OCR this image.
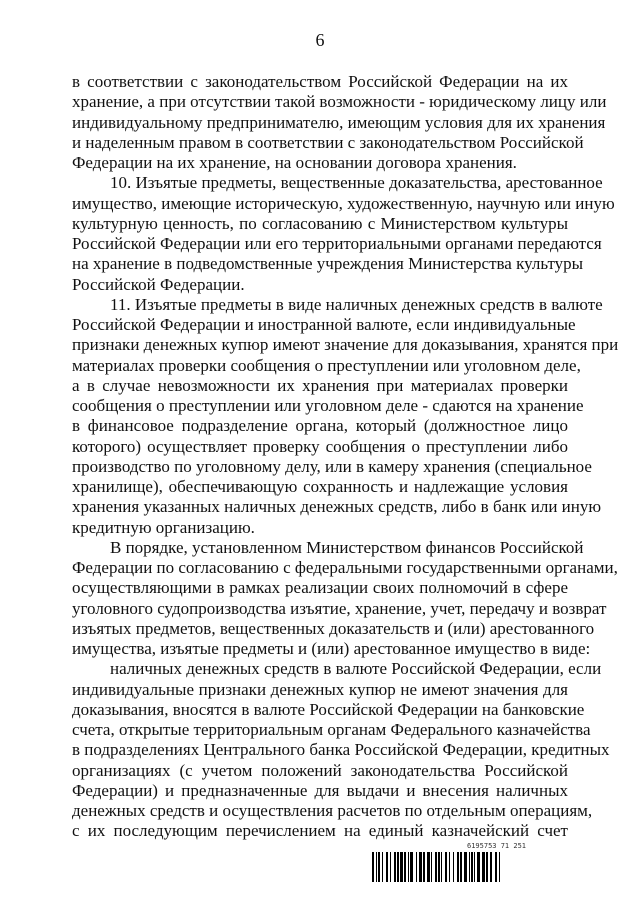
6
в соответствии с законодательством Российской Федерации на их
хранение, а при отсутствии такой возможности - юридическому лицу или
индивидуальному предпринимателю, имеющим условия для их хранения
и наделенным правом в соответствии с законодательством Российской
Федерации на их хранение, на основании договора хранения.
10. Изъятые предметы, вещественные доказательства, арестованное
имущество, имеющие историческую, художественную, научную или иную
культурную ценность, по согласованию с Министерством культуры
Российской Федерации или его территориальными органами передаются
на хранение в подведомственные учреждения Министерства культуры
Российской Федерации.
11. Изъятые предметы в виде наличных денежных средств в валюте
Российской Федерации и иностранной валюте, если индивидуальные
признаки денежных купюр имеют значение для доказывания, хранятся при
материалах проверки сообщения о преступлении или уголовном деле,
а в случае невозможности их хранения при материалах проверки
сообщения о преступлении или уголовном деле - сдаются на хранение
в финансовое подразделение органа, который (должностное лицо
которого) осуществляет проверку сообщения о преступлении либо
производство по уголовному делу, или в камеру хранения (специальное
хранилище), обеспечивающую сохранность и надлежащие условия
хранения указанных наличных денежных средств, либо в банк или иную
кредитную организацию.
В порядке, установленном Министерством финансов Российской
Федерации по согласованию с федеральными государственными органами,
осуществляющими в рамках реализации своих полномочий в сфере
уголовного судопроизводства изъятие, хранение, учет, передачу и возврат
изъятых предметов, вещественных доказательств и (или) арестованного
имущества, изъятые предметы и (или) арестованное имущество в виде:
наличных денежных средств в валюте Российской Федерации, если
индивидуальные признаки денежных купюр не имеют значения для
доказывания, вносятся в валюте Российской Федерации на банковские
счета, открытые территориальным органам Федерального казначейства
в подразделениях Центрального банка Российской Федерации, кредитных
организациях (с учетом положений законодательства Российской
Федерации) и предназначенные для выдачи и внесения наличных
денежных средств и осуществления расчетов по отдельным операциям,
с их последующим перечислением на единый казначейский счет
6195753 71 251
